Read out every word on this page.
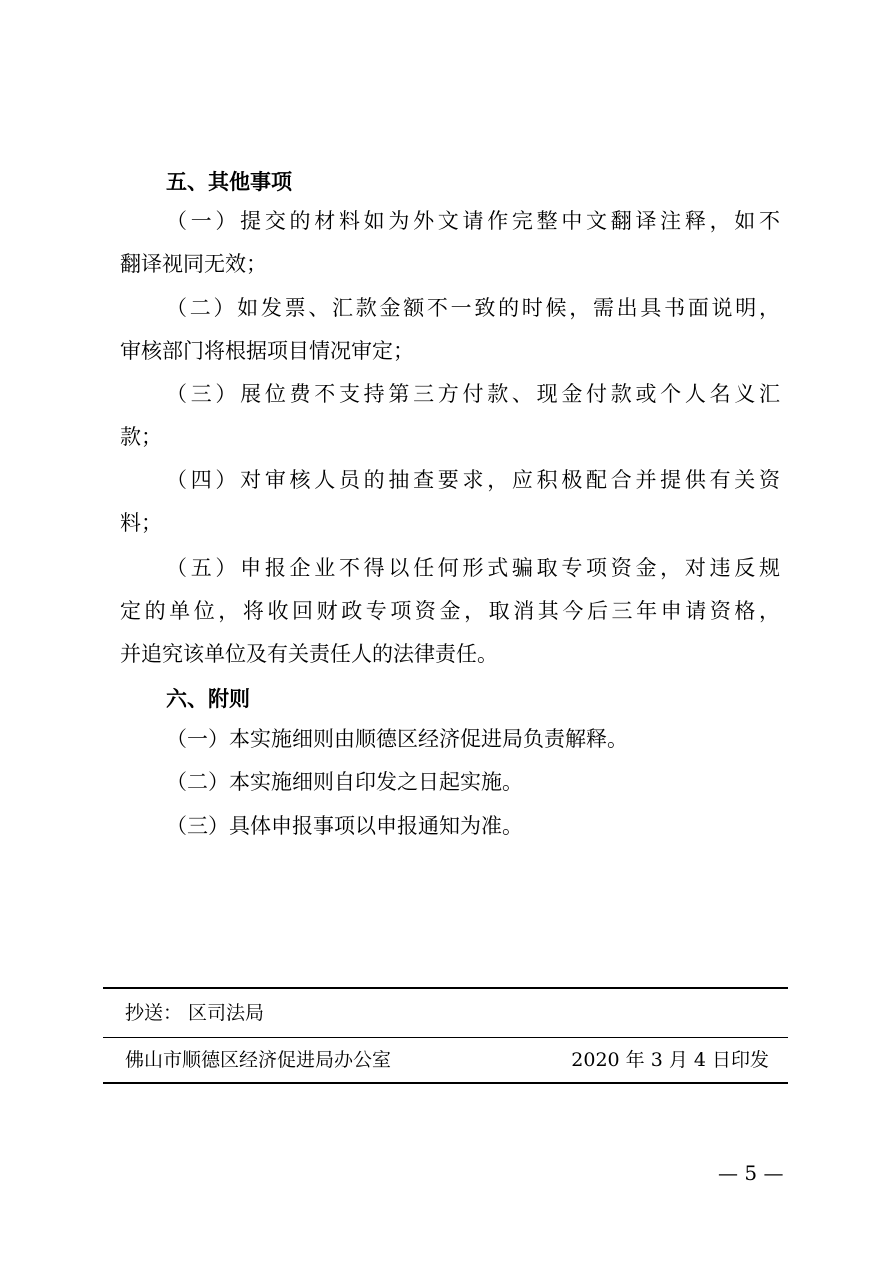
五、其他事项
（一）提交的材料如为外文请作完整中文翻译注释，如不
翻译视同无效；
（二）如发票、汇款金额不一致的时候，需出具书面说明，
审核部门将根据项目情况审定；
（三）展位费不支持第三方付款、现金付款或个人名义汇
款；
（四）对审核人员的抽查要求，应积极配合并提供有关资
料；
（五）申报企业不得以任何形式骗取专项资金，对违反规
定的单位，将收回财政专项资金，取消其今后三年申请资格，
并追究该单位及有关责任人的法律责任。
六、附则
（一）本实施细则由顺德区经济促进局负责解释。
（二）本实施细则自印发之日起实施。
（三）具体申报事项以申报通知为准。
抄送： 区司法局
佛山市顺德区经济促进局办公室	2020 年 3 月 4 日印发
— 5 —
